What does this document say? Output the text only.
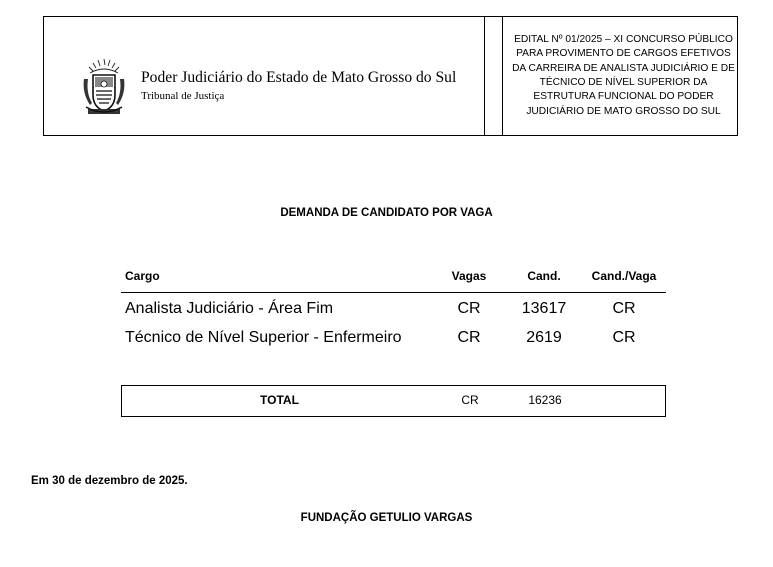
Poder Judiciário do Estado de Mato Grosso do Sul
Tribunal de Justiça
EDITAL Nº 01/2025 – XI CONCURSO PÚBLICO PARA PROVIMENTO DE CARGOS EFETIVOS DA CARREIRA DE ANALISTA JUDICIÁRIO E DE TÉCNICO DE NÍVEL SUPERIOR DA ESTRUTURA FUNCIONAL DO PODER JUDICIÁRIO DE MATO GROSSO DO SUL
DEMANDA DE CANDIDATO POR VAGA
Cargo	Vagas	Cand.	Cand./Vaga
Analista Judiciário - Área Fim	CR	13617	CR
Técnico de Nível Superior - Enfermeiro	CR	2619	CR
TOTAL	CR	16236
Em 30 de dezembro de 2025.
FUNDAÇÃO GETULIO VARGAS
